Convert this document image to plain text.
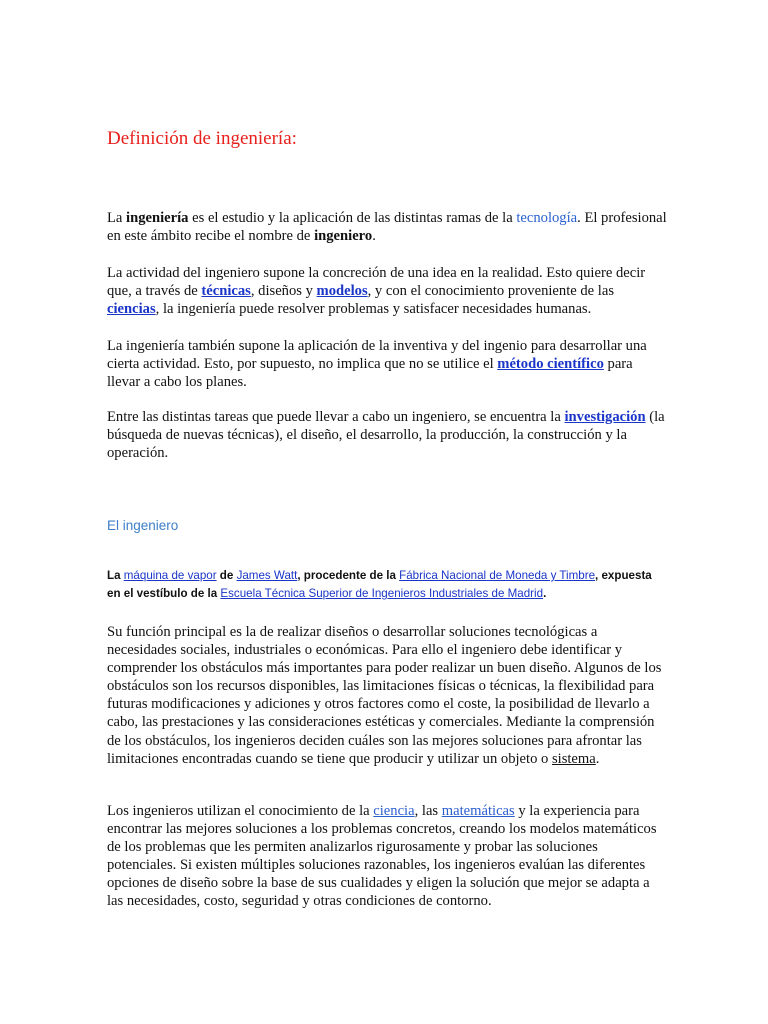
Definición de ingeniería:

La ingeniería es el estudio y la aplicación de las distintas ramas de la tecnología. El profesional en este ámbito recibe el nombre de ingeniero.

La actividad del ingeniero supone la concreción de una idea en la realidad. Esto quiere decir que, a través de técnicas, diseños y modelos, y con el conocimiento proveniente de las ciencias, la ingeniería puede resolver problemas y satisfacer necesidades humanas.

La ingeniería también supone la aplicación de la inventiva y del ingenio para desarrollar una cierta actividad. Esto, por supuesto, no implica que no se utilice el método científico para llevar a cabo los planes.

Entre las distintas tareas que puede llevar a cabo un ingeniero, se encuentra la investigación (la búsqueda de nuevas técnicas), el diseño, el desarrollo, la producción, la construcción y la operación.

El ingeniero

La máquina de vapor de James Watt, procedente de la Fábrica Nacional de Moneda y Timbre, expuesta en el vestíbulo de la Escuela Técnica Superior de Ingenieros Industriales de Madrid.

Su función principal es la de realizar diseños o desarrollar soluciones tecnológicas a necesidades sociales, industriales o económicas. Para ello el ingeniero debe identificar y comprender los obstáculos más importantes para poder realizar un buen diseño. Algunos de los obstáculos son los recursos disponibles, las limitaciones físicas o técnicas, la flexibilidad para futuras modificaciones y adiciones y otros factores como el coste, la posibilidad de llevarlo a cabo, las prestaciones y las consideraciones estéticas y comerciales. Mediante la comprensión de los obstáculos, los ingenieros deciden cuáles son las mejores soluciones para afrontar las limitaciones encontradas cuando se tiene que producir y utilizar un objeto o sistema.

Los ingenieros utilizan el conocimiento de la ciencia, las matemáticas y la experiencia para encontrar las mejores soluciones a los problemas concretos, creando los modelos matemáticos de los problemas que les permiten analizarlos rigurosamente y probar las soluciones potenciales. Si existen múltiples soluciones razonables, los ingenieros evalúan las diferentes opciones de diseño sobre la base de sus cualidades y eligen la solución que mejor se adapta a las necesidades, costo, seguridad y otras condiciones de contorno.
